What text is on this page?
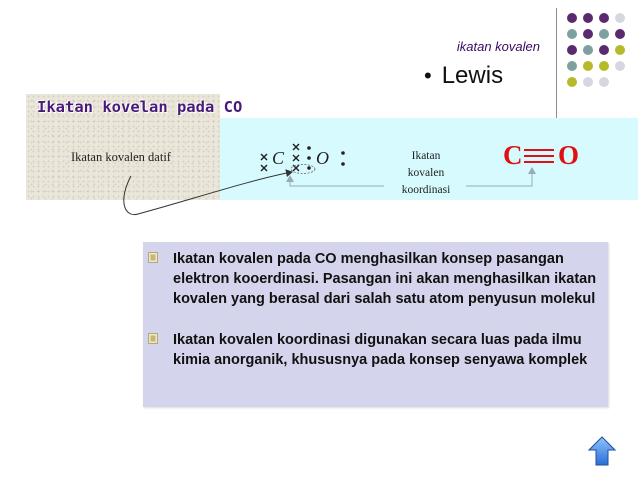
ikatan kovalen
• Lewis
Ikatan kovelan pada CO
Ikatan kovalen datif	C O	Ikatan
kovalen
koordinasi
C O
Ikatan kovalen pada CO menghasilkan konsep pasangan elektron kooerdinasi. Pasangan ini akan menghasilkan ikatan kovalen yang berasal dari salah satu atom penyusun molekul
Ikatan kovalen koordinasi digunakan secara luas pada ilmu kimia anorganik, khususnya pada konsep senyawa komplek
